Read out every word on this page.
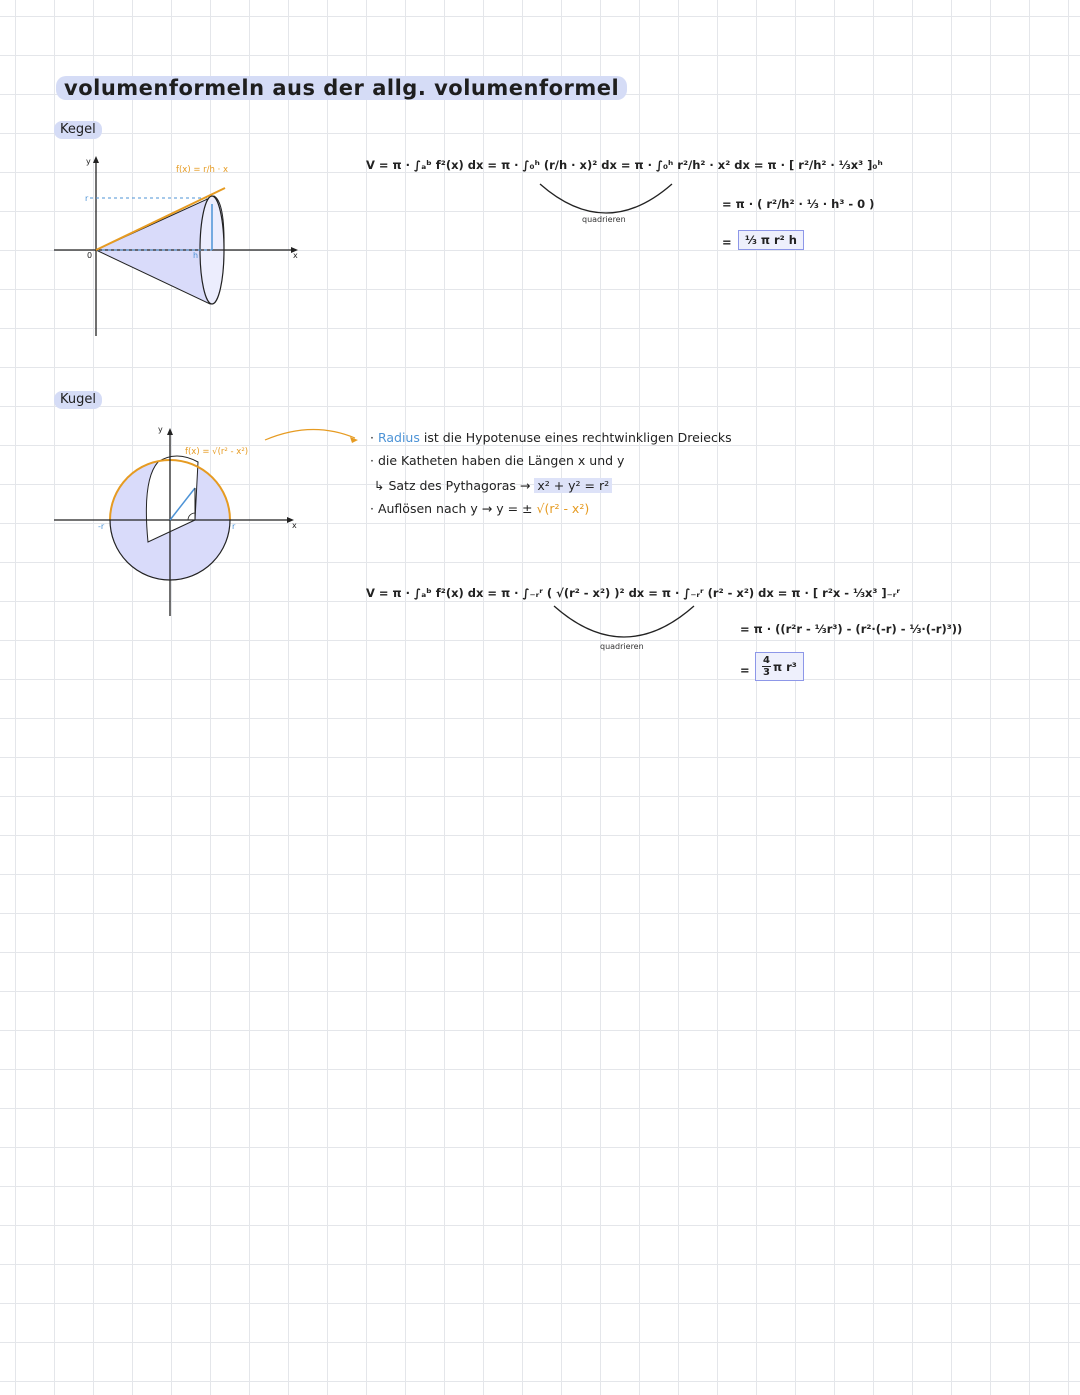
volumenformeln aus der allg. volumenformel
Kegel
y
x
0
r
h
f(x) = r/h · x	V = π · ∫ₐᵇ f²(x) dx = π · ∫₀ʰ (r/h · x)² dx = π · ∫₀ʰ r²/h² · x² dx = π · [ r²/h² · ⅓x³ ]₀ʰ
quadrieren
= π · ( r²/h² · ⅓ · h³ - 0 )
=	⅓ π r² h
Kugel
y
x
-r	r
f(x) = √(r² - x²)
· Radius ist die Hypotenuse eines rechtwinkligen Dreiecks
· die Katheten haben die Längen x und y
↳ Satz des Pythagoras → x² + y² = r²
· Auflösen nach y → y = ± √(r² - x²)
V = π · ∫ₐᵇ f²(x) dx = π · ∫₋ᵣʳ ( √(r² - x²) )² dx = π · ∫₋ᵣʳ (r² - x²) dx = π · [ r²x - ⅓x³ ]₋ᵣʳ
quadrieren
= π · ((r²r - ⅓r³) - (r²·(-r) - ⅓·(-r)³))
=
4
3 π r³
